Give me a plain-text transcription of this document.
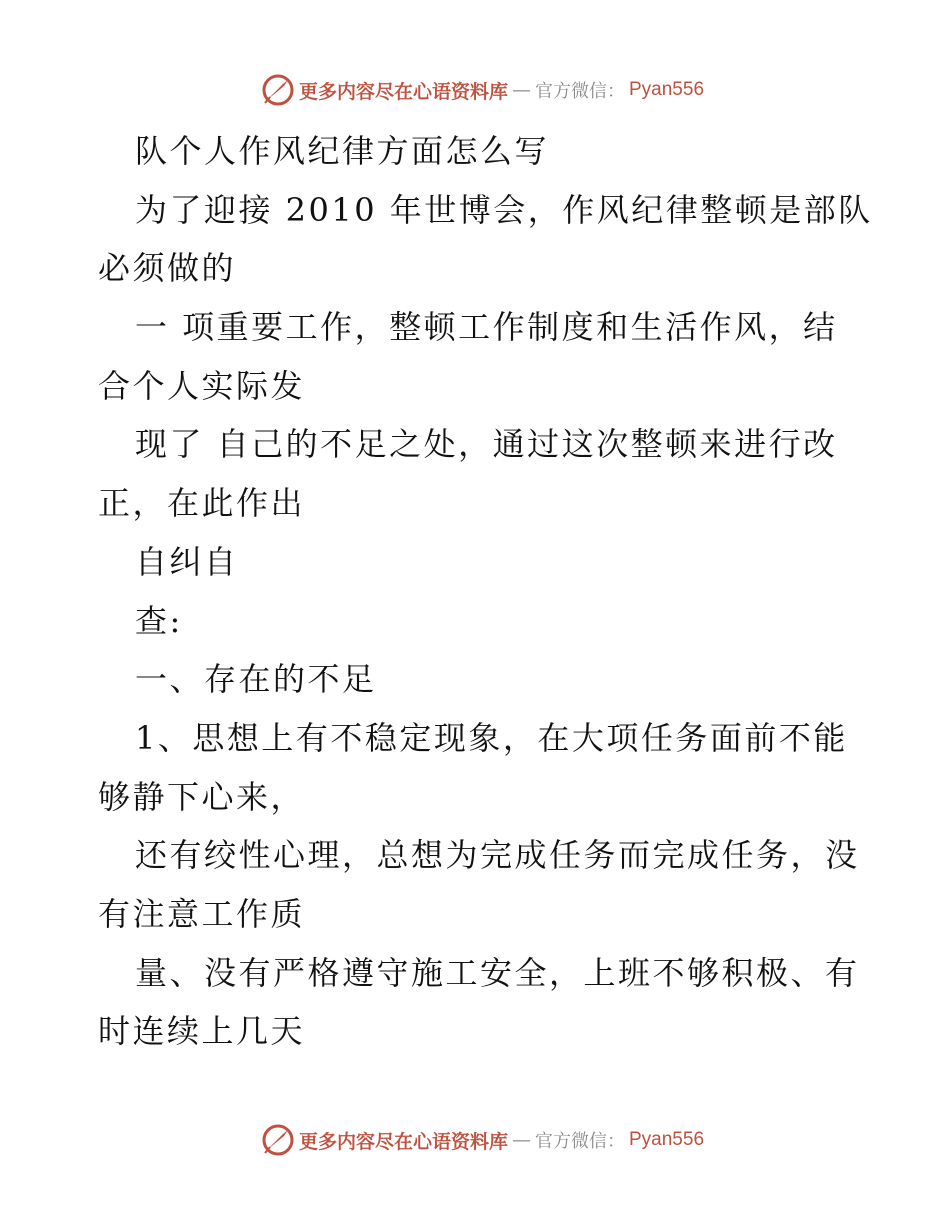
更多内容尽在心语资料库 — 官方微信： Pyan556
队个人作风纪律方面怎么写
为了迎接 2010 年世博会，作风纪律整顿是部队
必须做的
一 项重要工作，整顿工作制度和生活作风，结
合个人实际发
现了 自己的不足之处，通过这次整顿来进行改
正，在此作出
自纠自
查:
一、存在的不足
1、思想上有不稳定现象，在大项任务面前不能
够静下心来，
还有绞性心理，总想为完成任务而完成任务，没
有注意工作质
量、没有严格遵守施工安全，上班不够积极、有
时连续上几天
更多内容尽在心语资料库 — 官方微信： Pyan556
